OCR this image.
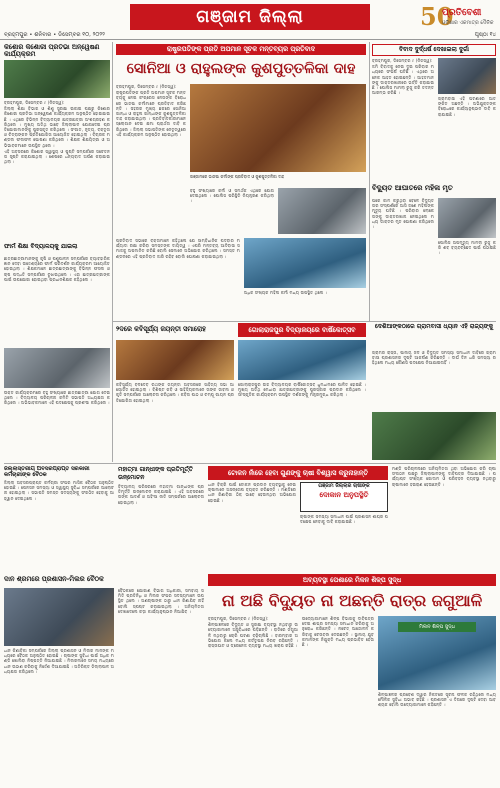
ଗଞ୍ଜାମ ଜିଲ୍ଲା	50
ପ୍ରତିବେଶୀ
ଓଡ଼ିଶାର ଏକମାତ୍ର ଦୈନିକ
ବ୍ରହ୍ମପୁର • ଶନିବାର • ଡିସେମ୍ବର ୧୦, ୨୦୨୨	ପୃଷ୍ଠା ୧୪
କିଶୋର କିଶୋରୀ ପ୍ରତିଭା ଅନ୍ୱେଷଣ କାର୍ଯ୍ୟକ୍ରମ

ବ୍ରହ୍ମପୁର, ଡିସେମ୍ବର ୯ (ନିଜସ୍ୱ):

ଜିଲ୍ଲା ଶିକ୍ଷା ବିଭାଗ ଓ ଶିଶୁ ସୁରକ୍ଷା ଇକାଇ ପକ୍ଷରୁ କିଶୋର କିଶୋରୀ ପ୍ରତିଭା ଅନ୍ୱେଷଣ କାର୍ଯ୍ୟକ୍ରମ ଅନୁଷ୍ଠିତ ହୋଇଯାଇଛି । ଏଥିରେ ବିଭିନ୍ନ ବିଦ୍ୟାଳୟର ଛାତ୍ରଛାତ୍ରୀ ଅଂଶଗ୍ରହଣ କରିଥିଲେ । ମୁଖ୍ୟ ଅତିଥି ଭାବେ ଜିଲ୍ଲାପାଳ ଯୋଗଦେଇ ପ୍ରତିଯୋଗୀମାନଙ୍କୁ ପୁରସ୍କୃତ କରିଥିଲେ । ସଂଗୀତ, ନୃତ୍ୟ, ବକ୍ତୃତା ଓ ଚିତ୍ରାଙ୍କନ ପ୍ରତିଯୋଗିତା ଆୟୋଜିତ ହୋଇଥିଲା । ବିଚାରକ ମଣ୍ଡଳୀ ଫଳାଫଳ ଘୋଷଣା କରିଥିଲେ । ଶିକ୍ଷକ ଶିକ୍ଷୟିତ୍ରୀ ଓ ଅଭିଭାବକମାନେ ଉପସ୍ଥିତ ଥିଲେ ।

ଏହି ଅବସରରେ କିଶୋର ସ୍ୱାସ୍ଥ୍ୟ ଓ ପୁଷ୍ଟି ସମ୍ପର୍କରେ ସଚେତନତା ସୃଷ୍ଟି କରାଯାଇଥିଲା । ଶେଷରେ ଧନ୍ୟବାଦ ଅର୍ପଣ କରାଯାଇଥିଲା ।

ଫାର୍ମ ଶିକ୍ଷା ବିଦ୍ୟାଳୟକୁ ଯାଇଲା

ଛାତ୍ରଛାତ୍ରୀମାନଙ୍କୁ କୃଷି ଓ ପଶୁପାଳନ ସମ୍ପର୍କରେ ବ୍ୟାବହାରିକ ଜ୍ଞାନ ଦେବା ଉଦ୍ଦେଶ୍ୟରେ ଫାର୍ମ ପରିଦର୍ଶନ କାର୍ଯ୍ୟକ୍ରମ ଆୟୋଜିତ ହୋଇଥିଲା । ଶିକ୍ଷକମାନେ ଛାତ୍ରଛାତ୍ରୀଙ୍କୁ ବିଭିନ୍ନ ଫସଲ ଓ ଚାଷ ପଦ୍ଧତି ସମ୍ପର୍କରେ ବୁଝାଇଥିଲେ । ଏହା ଛାତ୍ରଛାତ୍ରୀଙ୍କ ପାଇଁ ଉପଯୋଗୀ ହୋଇଥିବା ପ୍ରଧାନଶିକ୍ଷକ କହିଥିଲେ ।

ଉକ୍ତ କାର୍ଯ୍ୟକ୍ରମରେ ବହୁ ସଂଖ୍ୟାରେ ଛାତ୍ରଛାତ୍ରୀ ଯୋଗ ଦେଇଥିଲେ । ବିଦ୍ୟାଳୟ ପରିଚାଳନା କମିଟି ସଭାପତି ଅଧ୍ୟକ୍ଷତା କରିଥିଲେ । ଅଭିଭାବକମାନେ ଏହି ପଦକ୍ଷେପକୁ ପ୍ରଶଂସା କରିଥିଲେ ।

ରାଷ୍ଟ୍ରପତିଙ୍କ ପ୍ରତି ଅପମାନ ସୂଚକ ମନ୍ତବ୍ୟର ପ୍ରତିବାଦ
ସୋନିଆ ଓ ରାହୁଲଙ୍କ କୁଶପୁତ୍ତଳିକା ଦାହ

ବ୍ରହ୍ମପୁର, ଡିସେମ୍ବର ୯ (ନିଜସ୍ୱ):

ରାଷ୍ଟ୍ରପତିଙ୍କ ପ୍ରତି ଅପମାନ ସୂଚକ ମନ୍ତବ୍ୟକୁ ନେଇ କଂଗ୍ରେସ ନେତାଙ୍କ ବିରୋଧରେ ଭାଜପା କର୍ମୀମାନେ ପ୍ରତିବାଦ କରିଛନ୍ତି । ସହରର ମୁଖ୍ୟ ଛକରେ ସୋନିଆ ଗାନ୍ଧୀ ଓ ରାହୁଲ ଗାନ୍ଧୀଙ୍କ କୁଶପୁତ୍ତଳିକା ଦାହ କରାଯାଇଥିଲା । ପ୍ରତିବାଦକାରୀମାନେ ସ୍ଲୋଗାନ ଦେଇ କ୍ଷମା ପ୍ରାର୍ଥନା ଦାବି କରିଥିଲେ । ଜିଲ୍ଲା ସଭାପତିଙ୍କ ନେତୃତ୍ୱରେ ଏହି କାର୍ଯ୍ୟକ୍ରମ ଅନୁଷ୍ଠିତ ହୋଇଥିଲା ।

ଗଞ୍ଜାମରେ ଭାଜପା କର୍ମୀଙ୍କ ପ୍ରତିବାଦ ଓ କୁଶପୁତ୍ତଳିକା ଦାହ

ବହୁ ସଂଖ୍ୟାରେ କର୍ମୀ ଓ ସମର୍ଥକ ଏଥିରେ ଯୋଗ ଦେଇଥିଲେ । ପୋଲିସ ପରିସ୍ଥିତି ନିୟନ୍ତ୍ରଣ କରିଥିଲା ।

ପ୍ରତିବାଦ ସଭାରେ ବକ୍ତାମାନେ କହିଥିଲେ ଯେ ସାମ୍ବିଧାନିକ ପଦବୀର ମର୍ଯ୍ୟାଦା ରକ୍ଷା କରିବା ସମସ୍ତଙ୍କ ଦାୟିତ୍ୱ । ଏପରି ମନ୍ତବ୍ୟ ଆଦିବାସୀ ସମାଜକୁ ଅପମାନିତ କରିଛି ବୋଲି ସେମାନେ ଅଭିଯୋଗ କରିଥିଲେ । ସମସ୍ତ ମଣ୍ଡଳରେ ଏହି ପ୍ରତିବାଦ ଜାରି ରହିବ ବୋଲି ଘୋଷଣା କରାଯାଇଥିଲା ।

ଅଧିକ ସଂଖ୍ୟକ ମହିଳା କର୍ମୀ ମଧ୍ୟ ଉପସ୍ଥିତ ଥିଲେ ।

ବିବାଦ ଦୁର୍ଦ୍ଧର୍ଷ ଦେଖାଇଲା ଦୁର୍ଗା

ବ୍ରହ୍ମପୁର, ଡିସେମ୍ବର ୯ (ନିଜସ୍ୱ):

ଜମି ବିବାଦକୁ ନେଇ ଦୁଇ ପରିବାର ମଧ୍ୟରେ ସଂଘର୍ଷ ଘଟିଛି । ଏଥିରେ ଅନେକ ଆହତ ହୋଇଛନ୍ତି । ଆହତମାନଙ୍କୁ ଡାକ୍ତରଖାନାରେ ଭର୍ତ୍ତି କରାଯାଇଛି । ପୋଲିସ ମାମଲା ରୁଜୁ କରି ତଦନ୍ତ ଆରମ୍ଭ କରିଛି ।

ଗ୍ରାମବାସୀ ଏହି ଘଟଣାରେ ଆତଙ୍କିତ ଅଛନ୍ତି । ଅଭିଯୁକ୍ତଙ୍କ ବିରୋଧରେ କାର୍ଯ୍ୟାନୁଷ୍ଠାନ ଦାବି କରାଯାଇଛି ।

ବିଦ୍ୟୁତ ଆଘାତରେ ମହିଳା ମୃତ

ଘରେ କାମ କରୁଥିବା ବେଳେ ବିଦ୍ୟୁତ ତାର ସଂସ୍ପର୍ଶରେ ଆସି ଜଣେ ମହିଳାଙ୍କ ମୃତ୍ୟୁ ଘଟିଛି । ପରିବାର ଲୋକେ ତାଙ୍କୁ ଡାକ୍ତରଖାନା ନେଇଥିଲେ ମଧ୍ୟ ଡାକ୍ତର ମୃତ ଘୋଷଣା କରିଥିଲେ ।

ପୋଲିସ ଅପମୃତ୍ୟୁ ମାମଲା ରୁଜୁ କରି ଶବ ବ୍ୟବଚ୍ଛେଦ ପାଇଁ ପଠାଇଛି ।

୨ଦରେ କବିସୂର୍ଯ୍ୟ ଜୟନ୍ତୀ ସମାରୋହ	ଗୋଲାରାଜପୁର ବିଦ୍ୟାଳୟରେ ବାର୍ଷିକୋତ୍ସବ	ଦେଶିଆଙ୍କଠାରେ ଗ୍ରାମବାସୀ ଧ୍ୟାନ ଏହି ରାଜ୍ୟଙ୍କୁ

କବିସୂର୍ଯ୍ୟ ବଳଦେବ ରଥଙ୍କ ଜୟନ୍ତୀ ଅବସରରେ ସାହିତ୍ୟ ସଭା ଆୟୋଜିତ ହୋଇଥିଲା । ବିଶିଷ୍ଟ କବି ଓ ସାହିତ୍ୟିକମାନେ ତାଙ୍କ ଜୀବନୀ ଓ କୃତି ସମ୍ପର୍କରେ ଆଲୋଚନା କରିଥିଲେ । କବିତା ପାଠ ଓ ଚମ୍ପୂ ଗାୟନ ପ୍ରତିଯୋଗିତା ହୋଇଥିଲା ।

ଗୋଲାରାଜପୁର ଉଚ୍ଚ ବିଦ୍ୟାଳୟର ବାର୍ଷିକୋତ୍ସବ ଧୁମଧାମରେ ପାଳିତ ହୋଇଛି । ମୁଖ୍ୟ ଅତିଥି ମେଧାବୀ ଛାତ୍ରଛାତ୍ରୀଙ୍କୁ ପୁରସ୍କାର ପ୍ରଦାନ କରିଥିଲେ । ସାଂସ୍କୃତିକ କାର୍ଯ୍ୟକ୍ରମ ଉପସ୍ଥିତ ଦର୍ଶକଙ୍କୁ ମନ୍ତ୍ରମୁଗ୍ଧ କରିଥିଲା ।

ଗ୍ରାମର ରାସ୍ତା, ପାନୀୟ ଜଳ ଓ ବିଦ୍ୟୁତ ସମସ୍ୟା ସମାଧାନ ଦାବିରେ ଗ୍ରାମବାସୀ ପ୍ରଶାସନର ଦୃଷ୍ଟି ଆକର୍ଷଣ କରିଛନ୍ତି । ଦୀର୍ଘ ଦିନ ଧରି ସମସ୍ୟା ରହିଥିଲେ ମଧ୍ୟ କୌଣସି ପଦକ୍ଷେପ ନିଆଯାଇନାହିଁ ।

ଜିଲ୍ଲାସ୍ତରୀୟ ଅବସରପ୍ରାପ୍ତ ସରକାରୀ କର୍ମଚାରୀଙ୍କ ବୈଠକ

ଜିଲ୍ଲା ଅବସରପ୍ରାପ୍ତ କର୍ମଚାରୀ ସଂଘର ମାସିକ ବୈଠକ ଅନୁଷ୍ଠିତ ହୋଇଛି । ପେନସନ ସମସ୍ୟା ଓ ସ୍ୱାସ୍ଥ୍ୟ ସୁବିଧା ସମ୍ପର୍କରେ ଆଲୋଚନା ହୋଇଥିଲା । ସଭାପତି ସମସ୍ତ ସଦସ୍ୟଙ୍କୁ ସଂଗଠିତ ହେବାକୁ ଆହ୍ୱାନ ଦେଇଥିଲେ ।

ମହାତ୍ମା ଗାନ୍ଧୀଙ୍କ ପ୍ରତିମୂର୍ତ୍ତି ଉନ୍ମୋଚନ

ବିଦ୍ୟାଳୟ ପରିସରରେ ମହାତ୍ମା ଗାନ୍ଧୀଙ୍କ ପ୍ରତିମୂର୍ତ୍ତି ଉନ୍ମୋଚନ କରାଯାଇଛି । ଏହି ଅବସରରେ ତାଙ୍କ ଆଦର୍ଶ ଓ ଅହିଂସା ନୀତି ସମ୍ପର୍କରେ ଆଲୋଚନା ହୋଇଥିଲା ।

ଟୋକନ ନାଁରେ ହେବା ଗୁଣଙ୍କୁ ଚାଷୀ ବିଶ୍ୱାସ କରୁନାହାନ୍ତି

ଧାନ ବିକ୍ରି ପାଇଁ ଟୋକନ ପ୍ରଦାନ ବ୍ୟବସ୍ଥାକୁ ନେଇ ଚାଷୀମାନେ ଅସନ୍ତୋଷ ବ୍ୟକ୍ତ କରିଛନ୍ତି । ମଣ୍ଡିରେ ଧାନ କିଣାବିକା ଠିକ୍ ଭାବେ ହେଉନଥିବା ଅଭିଯୋଗ ହୋଇଛି ।

ଗଞ୍ଜାମ ଜିଲ୍ଲାର ଚାଷୀଙ୍କ
ଦୋକାନ ଅନୁପସ୍ଥିତି

ଚାଷୀଙ୍କ ସମସ୍ୟା ସମାଧାନ ପାଇଁ ପ୍ରଶାସନ ଶୀଘ୍ର ପଦକ୍ଷେପ ନେବାକୁ ଦାବି କରାଯାଇଛି ।

ମଣ୍ଡି ପରିଚାଳନାରେ ଅନିୟମିତତା ଥିବା ଅଭିଯୋଗ କରି ଚାଷୀ ସଂଗଠନ ପକ୍ଷରୁ ଜିଲ୍ଲାପାଳଙ୍କୁ ଦାବିପତ୍ର ଦିଆଯାଇଛି । ପର୍ଯ୍ୟାପ୍ତ ସଂଖ୍ୟକ ଗୋଦାମ ଓ ପରିବହନ ବ୍ୟବସ୍ଥା ନଥିବାରୁ ଚାଷୀମାନେ ହଇରାଣ ହେଉଛନ୍ତି ।

ଦାନ ଶ୍ରମରେ ପ୍ରଶାସନ-ମିଲର ବୈଠକ

ଧାନ କିଣାବିକା ସମ୍ପର୍କରେ ଜିଲ୍ଲା ପ୍ରଶାସନ ଓ ମିଲର ମାନଙ୍କ ମଧ୍ୟରେ ବୈଠକ ଅନୁଷ୍ଠିତ ହୋଇଛି । ଚାଷୀଙ୍କ ସୁବିଧା ପାଇଁ ଅଧିକ ମଣ୍ଡି ଖୋଲିବା ନିଷ୍ପତ୍ତି ନିଆଯାଇଛି । ମିଲରମାନେ ସମୟ ମଧ୍ୟରେ ଧାନ ଉଠାଣ କରିବାକୁ ନିର୍ଦ୍ଦେଶ ଦିଆଯାଇଛି । ଅତିରିକ୍ତ ଜିଲ୍ଲାପାଳ ଅଧ୍ୟକ୍ଷତା କରିଥିଲେ ।

ବୈଠକରେ ଯୋଗାଣ ବିଭାଗ ଅଧିକାରୀ, ସମବାୟ ସମିତି ପ୍ରତିନିଧି ଓ ମିଲର ସଂଘର ସଦସ୍ୟମାନେ ଉପସ୍ଥିତ ଥିଲେ । ଅଣଚାଷୀଙ୍କ ଠାରୁ ଧାନ କିଣାଯିବ ନାହିଁ ବୋଲି ସ୍ପଷ୍ଟ କରାଯାଇଥିଲା । ଅନିୟମିତତା ଦେଖାଦେଲେ କଡ଼ା କାର୍ଯ୍ୟାନୁଷ୍ଠାନ ନିଆଯିବ ।

ଅବ୍ୟବସ୍ଥା ପେଶାରେ ମିଳନ ଶିଳ୍ପ ସୁଦ୍ଧ
ନା ଅଛି ବିଦ୍ୟୁତ ନା ଅଛନ୍ତି ରାତ୍ର ଜଗୁଆଳି

ବ୍ରହ୍ମପୁର, ଡିସେମ୍ବର ୯ (ନିଜସ୍ୱ):

ଶିଳ୍ପାଞ୍ଚଳରେ ବିଦ୍ୟୁତ ଓ ସୁରକ୍ଷା ବ୍ୟବସ୍ଥା ନଥିବାରୁ ଉଦ୍ୟୋଗୀମାନେ ଅସୁବିଧାରେ ପଡ଼ିଛନ୍ତି । ରାତିରେ ଜଗୁଆଳି ନଥିବାରୁ ଚୋରି ଘଟଣା ବଢ଼ିଚାଲିଛି । ବାରମ୍ବାର ଅଭିଯୋଗ କଲେ ମଧ୍ୟ କର୍ତ୍ତୃପକ୍ଷ ନିରବ ରହିଛନ୍ତି । ରାସ୍ତାଘାଟ ଓ ଡ୍ରେନେଜ ବ୍ୟବସ୍ଥା ମଧ୍ୟ ଖରାପ ରହିଛି ।

ଉଦ୍ୟୋଗୀମାନେ ଶିଳ୍ପ ବିଭାଗକୁ ଦାବିପତ୍ର ଦେଇ ଶୀଘ୍ର ସମସ୍ୟା ସମାଧାନ କରିବାକୁ ଅନୁରୋଧ କରିଛନ୍ତି । ନଚେତ୍ ଆନ୍ଦୋଳନ କରିବାକୁ ଚେତାବନୀ ଦେଇଛନ୍ତି । ସ୍ଥାନୀୟ ଯୁବକମାନଙ୍କ ନିଯୁକ୍ତି ମଧ୍ୟ ପ୍ରଭାବିତ ହେଉଛି ।

ମିଲନ ଶିଳ୍ପ ସୁଦ୍ଧ

ଶିଳ୍ପାଞ୍ଚଳର ପ୍ରବେଶ ଦ୍ୱାର ନିକଟରେ ସୂଚନା ଫଳକ ରହିଥିଲେ ମଧ୍ୟ ମୌଳିକ ସୁବିଧା ଅଭାବ ରହିଛି । ପ୍ରଶାସନ ଏ ଦିଗରେ ଦୃଷ୍ଟି ଦେବା ଆବଶ୍ୟକ ବୋଲି ଉଦ୍ୟୋଗୀମାନେ କହିଛନ୍ତି ।
